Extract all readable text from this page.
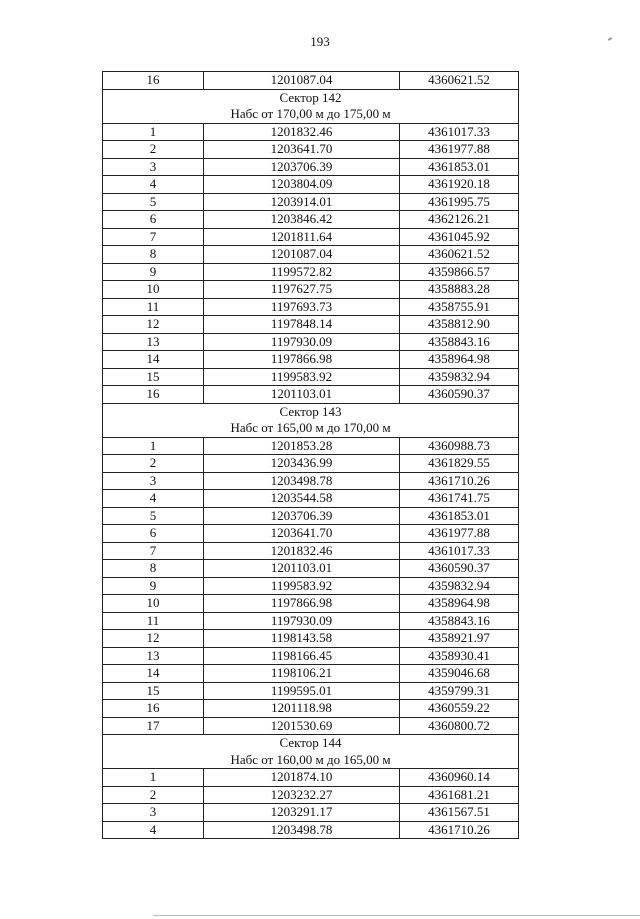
193
16	1201087.04	4360621.52
Сектор 142		
Набс от 170,00 м до 175,00 м		
1	1201832.46	4361017.33
2	1203641.70	4361977.88
3	1203706.39	4361853.01
4	1203804.09	4361920.18
5	1203914.01	4361995.75
6	1203846.42	4362126.21
7	1201811.64	4361045.92
8	1201087.04	4360621.52
9	1199572.82	4359866.57
10	1197627.75	4358883.28
11	1197693.73	4358755.91
12	1197848.14	4358812.90
13	1197930.09	4358843.16
14	1197866.98	4358964.98
15	1199583.92	4359832.94
16	1201103.01	4360590.37
Сектор 143		
Набс от 165,00 м до 170,00 м		
1	1201853.28	4360988.73
2	1203436.99	4361829.55
3	1203498.78	4361710.26
4	1203544.58	4361741.75
5	1203706.39	4361853.01
6	1203641.70	4361977.88
7	1201832.46	4361017.33
8	1201103.01	4360590.37
9	1199583.92	4359832.94
10	1197866.98	4358964.98
11	1197930.09	4358843.16
12	1198143.58	4358921.97
13	1198166.45	4358930.41
14	1198106.21	4359046.68
15	1199595.01	4359799.31
16	1201118.98	4360559.22
17	1201530.69	4360800.72
Сектор 144		
Набс от 160,00 м до 165,00 м		
1	1201874.10	4360960.14
2	1203232.27	4361681.21
3	1203291.17	4361567.51
4	1203498.78	4361710.26
